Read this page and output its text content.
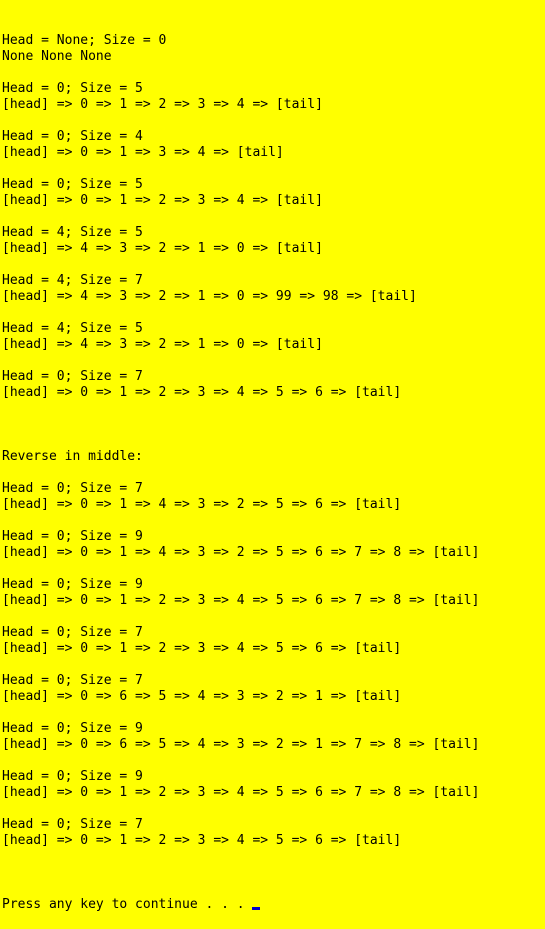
Head = None; Size = 0
None None None
Head = 0; Size = 5
[head] => 0 => 1 => 2 => 3 => 4 => [tail]
Head = 0; Size = 4
[head] => 0 => 1 => 3 => 4 => [tail]
Head = 0; Size = 5
[head] => 0 => 1 => 2 => 3 => 4 => [tail]
Head = 4; Size = 5
[head] => 4 => 3 => 2 => 1 => 0 => [tail]
Head = 4; Size = 7
[head] => 4 => 3 => 2 => 1 => 0 => 99 => 98 => [tail]
Head = 4; Size = 5
[head] => 4 => 3 => 2 => 1 => 0 => [tail]
Head = 0; Size = 7
[head] => 0 => 1 => 2 => 3 => 4 => 5 => 6 => [tail]
Reverse in middle:
Head = 0; Size = 7
[head] => 0 => 1 => 4 => 3 => 2 => 5 => 6 => [tail]
Head = 0; Size = 9
[head] => 0 => 1 => 4 => 3 => 2 => 5 => 6 => 7 => 8 => [tail]
Head = 0; Size = 9
[head] => 0 => 1 => 2 => 3 => 4 => 5 => 6 => 7 => 8 => [tail]
Head = 0; Size = 7
[head] => 0 => 1 => 2 => 3 => 4 => 5 => 6 => [tail]
Head = 0; Size = 7
[head] => 0 => 6 => 5 => 4 => 3 => 2 => 1 => [tail]
Head = 0; Size = 9
[head] => 0 => 6 => 5 => 4 => 3 => 2 => 1 => 7 => 8 => [tail]
Head = 0; Size = 9
[head] => 0 => 1 => 2 => 3 => 4 => 5 => 6 => 7 => 8 => [tail]
Head = 0; Size = 7
[head] => 0 => 1 => 2 => 3 => 4 => 5 => 6 => [tail]

Press any key to continue . . .
